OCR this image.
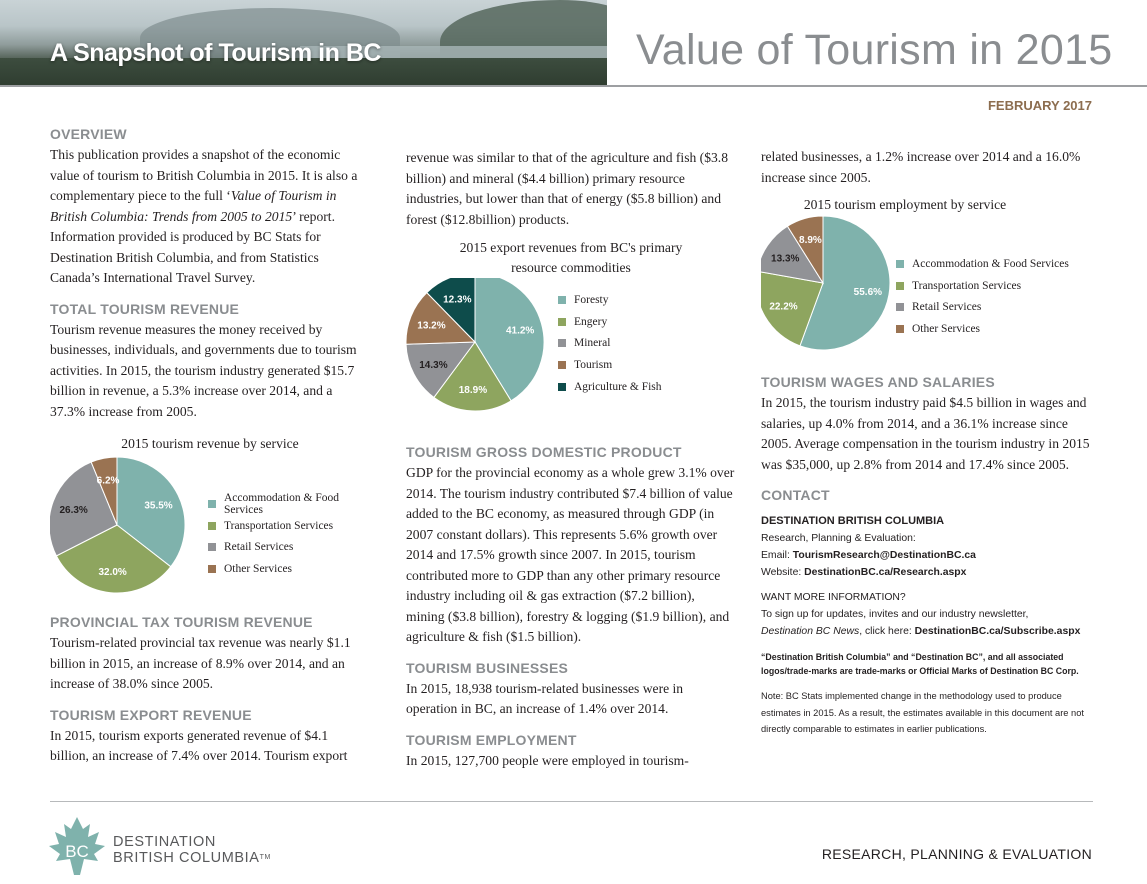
A Snapshot of Tourism in BC	Value of Tourism in 2015
FEBRUARY 2017
OVERVIEW

This publication provides a snapshot of the economic value of tourism to British Columbia in 2015. It is also a complementary piece to the full ‘Value of Tourism in British Columbia: Trends from 2005 to 2015’ report. Information provided is produced by BC Stats for Destination British Columbia, and from Statistics Canada’s International Travel Survey.

TOTAL TOURISM REVENUE

Tourism revenue measures the money received by businesses, individuals, and governments due to tourism activities. In 2015, the tourism industry generated $15.7 billion in revenue, a 5.3% increase over 2014, and a 37.3% increase from 2005.

2015 tourism revenue by service
35.5%
32.0%
26.3%
6.2%
Accommodation & Food Services
Transportation Services
Retail Services
Other Services
PROVINCIAL TAX TOURISM REVENUE

Tourism-related provincial tax revenue was nearly $1.1 billion in 2015, an increase of 8.9% over 2014, and an increase of 38.0% since 2005.

TOURISM EXPORT REVENUE

In 2015, tourism exports generated revenue of $4.1 billion, an increase of 7.4% over 2014. Tourism export

revenue was similar to that of the agriculture and fish ($3.8 billion) and mineral ($4.4 billion) primary resource industries, but lower than that of energy ($5.8 billion) and forest ($12.8billion) products.

2015 export revenues from BC's primary resource commodities
41.2%
18.9%
14.3%
13.2%
12.3%	Foresty
Engery
Mineral
Tourism
Agriculture & Fish
TOURISM GROSS DOMESTIC PRODUCT

GDP for the provincial economy as a whole grew 3.1% over 2014. The tourism industry contributed $7.4 billion of value added to the BC economy, as measured through GDP (in 2007 constant dollars). This represents 5.6% growth over 2014 and 17.5% growth since 2007. In 2015, tourism contributed more to GDP than any other primary resource industry including oil & gas extraction ($7.2 billion), mining ($3.8 billion), forestry & logging ($1.9 billion), and agriculture & fish ($1.5 billion).

TOURISM BUSINESSES

In 2015, 18,938 tourism-related businesses were in operation in BC, an increase of 1.4% over 2014.

TOURISM EMPLOYMENT

In 2015, 127,700 people were employed in tourism-

related businesses, a 1.2% increase over 2014 and a 16.0% increase since 2005.

2015 tourism employment by service
55.6%
22.2%
13.3%
8.9%
Accommodation & Food Services
Transportation Services
Retail Services
Other Services
TOURISM WAGES AND SALARIES

In 2015, the tourism industry paid $4.5 billion in wages and salaries, up 4.0% from 2014, and a 36.1% increase since 2005. Average compensation in the tourism industry in 2015 was $35,000, up 2.8% from 2014 and 17.4% since 2005.

CONTACT

DESTINATION BRITISH COLUMBIA

Research, Planning & Evaluation:

Email: TourismResearch@DestinationBC.ca

Website: DestinationBC.ca/Research.aspx

WANT MORE INFORMATION?

To sign up for updates, invites and our industry newsletter,

Destination BC News, click here: DestinationBC.ca/Subscribe.aspx

“Destination British Columbia” and “Destination BC”, and all associated logos/trade-marks are trade-marks or Official Marks of Destination BC Corp.

Note: BC Stats implemented change in the methodology used to produce estimates in 2015. As a result, the estimates available in this document are not directly comparable to estimates in earlier publications.

BC DESTINATION
BRITISH COLUMBIA™	RESEARCH, PLANNING & EVALUATION
